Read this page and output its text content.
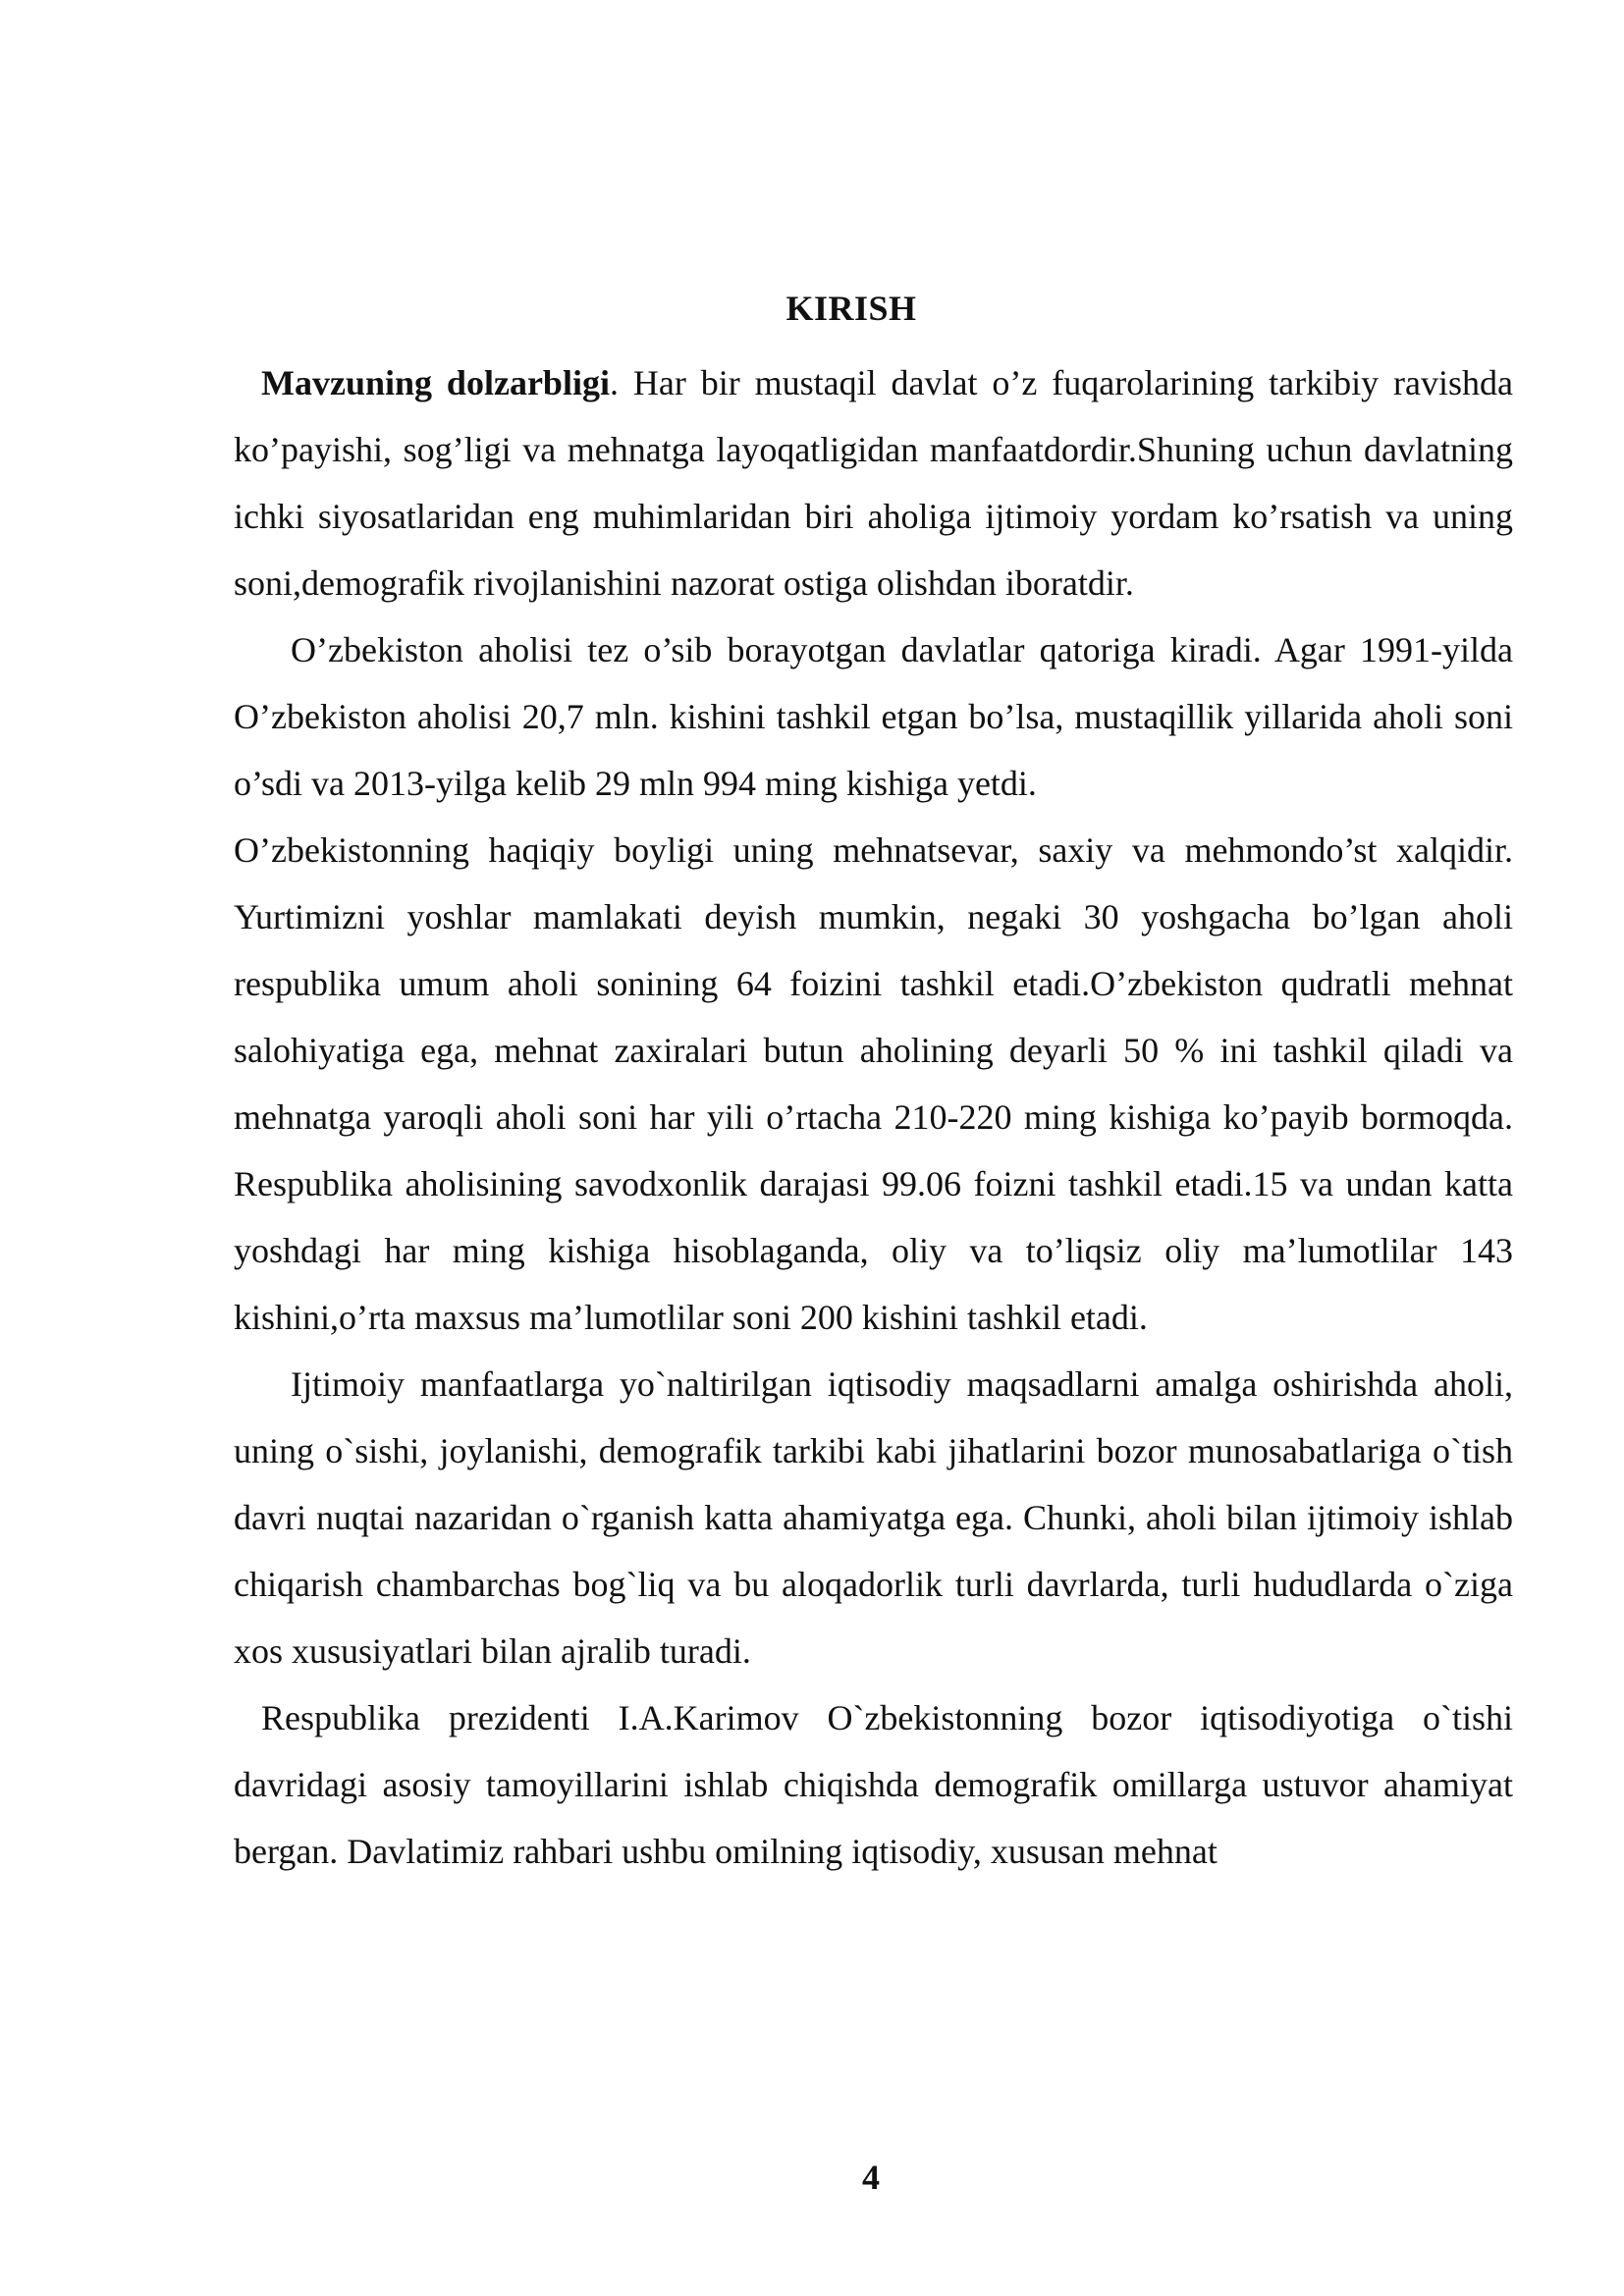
KIRISH

Mavzuning dolzarbligi. Har bir mustaqil davlat o’z fuqarolarining tarkibiy ravishda ko’payishi, sog’ligi va mehnatga layoqatligidan manfaatdordir.Shuning uchun davlatning ichki siyosatlaridan eng muhimlaridan biri aholiga ijtimoiy yordam ko’rsatish va uning soni,demografik rivojlanishini nazorat ostiga olishdan iboratdir.

O’zbekiston aholisi tez o’sib borayotgan davlatlar qatoriga kiradi. Agar 1991-yilda O’zbekiston aholisi 20,7 mln. kishini tashkil etgan bo’lsa, mustaqillik yillarida aholi soni o’sdi va 2013-yilga kelib 29 mln 994 ming kishiga yetdi.

O’zbekistonning haqiqiy boyligi uning mehnatsevar, saxiy va mehmondo’st xalqidir. Yurtimizni yoshlar mamlakati deyish mumkin, negaki 30 yoshgacha bo’lgan aholi respublika umum aholi sonining 64 foizini tashkil etadi.O’zbekiston qudratli mehnat salohiyatiga ega, mehnat zaxiralari butun aholining deyarli 50 % ini tashkil qiladi va mehnatga yaroqli aholi soni har yili o’rtacha 210-220 ming kishiga ko’payib bormoqda. Respublika aholisining savodxonlik darajasi 99.06 foizni tashkil etadi.15 va undan katta yoshdagi har ming kishiga hisoblaganda, oliy va to’liqsiz oliy ma’lumotlilar 143 kishini,o’rta maxsus ma’lumotlilar soni 200 kishini tashkil etadi.

Ijtimoiy manfaatlarga yo`naltirilgan iqtisodiy maqsadlarni amalga oshirishda aholi, uning o`sishi, joylanishi, demografik tarkibi kabi jihatlarini bozor munosabatlariga o`tish davri nuqtai nazaridan o`rganish katta ahamiyatga ega. Chunki, aholi bilan ijtimoiy ishlab chiqarish chambarchas bog`liq va bu aloqadorlik turli davrlarda, turli hududlarda o`ziga xos xususiyatlari bilan ajralib turadi.

Respublika prezidenti I.A.Karimov O`zbekistonning bozor iqtisodiyotiga o`tishi davridagi asosiy tamoyillarini ishlab chiqishda demografik omillarga ustuvor ahamiyat bergan. Davlatimiz rahbari ushbu omilning iqtisodiy, xususan mehnat

4
